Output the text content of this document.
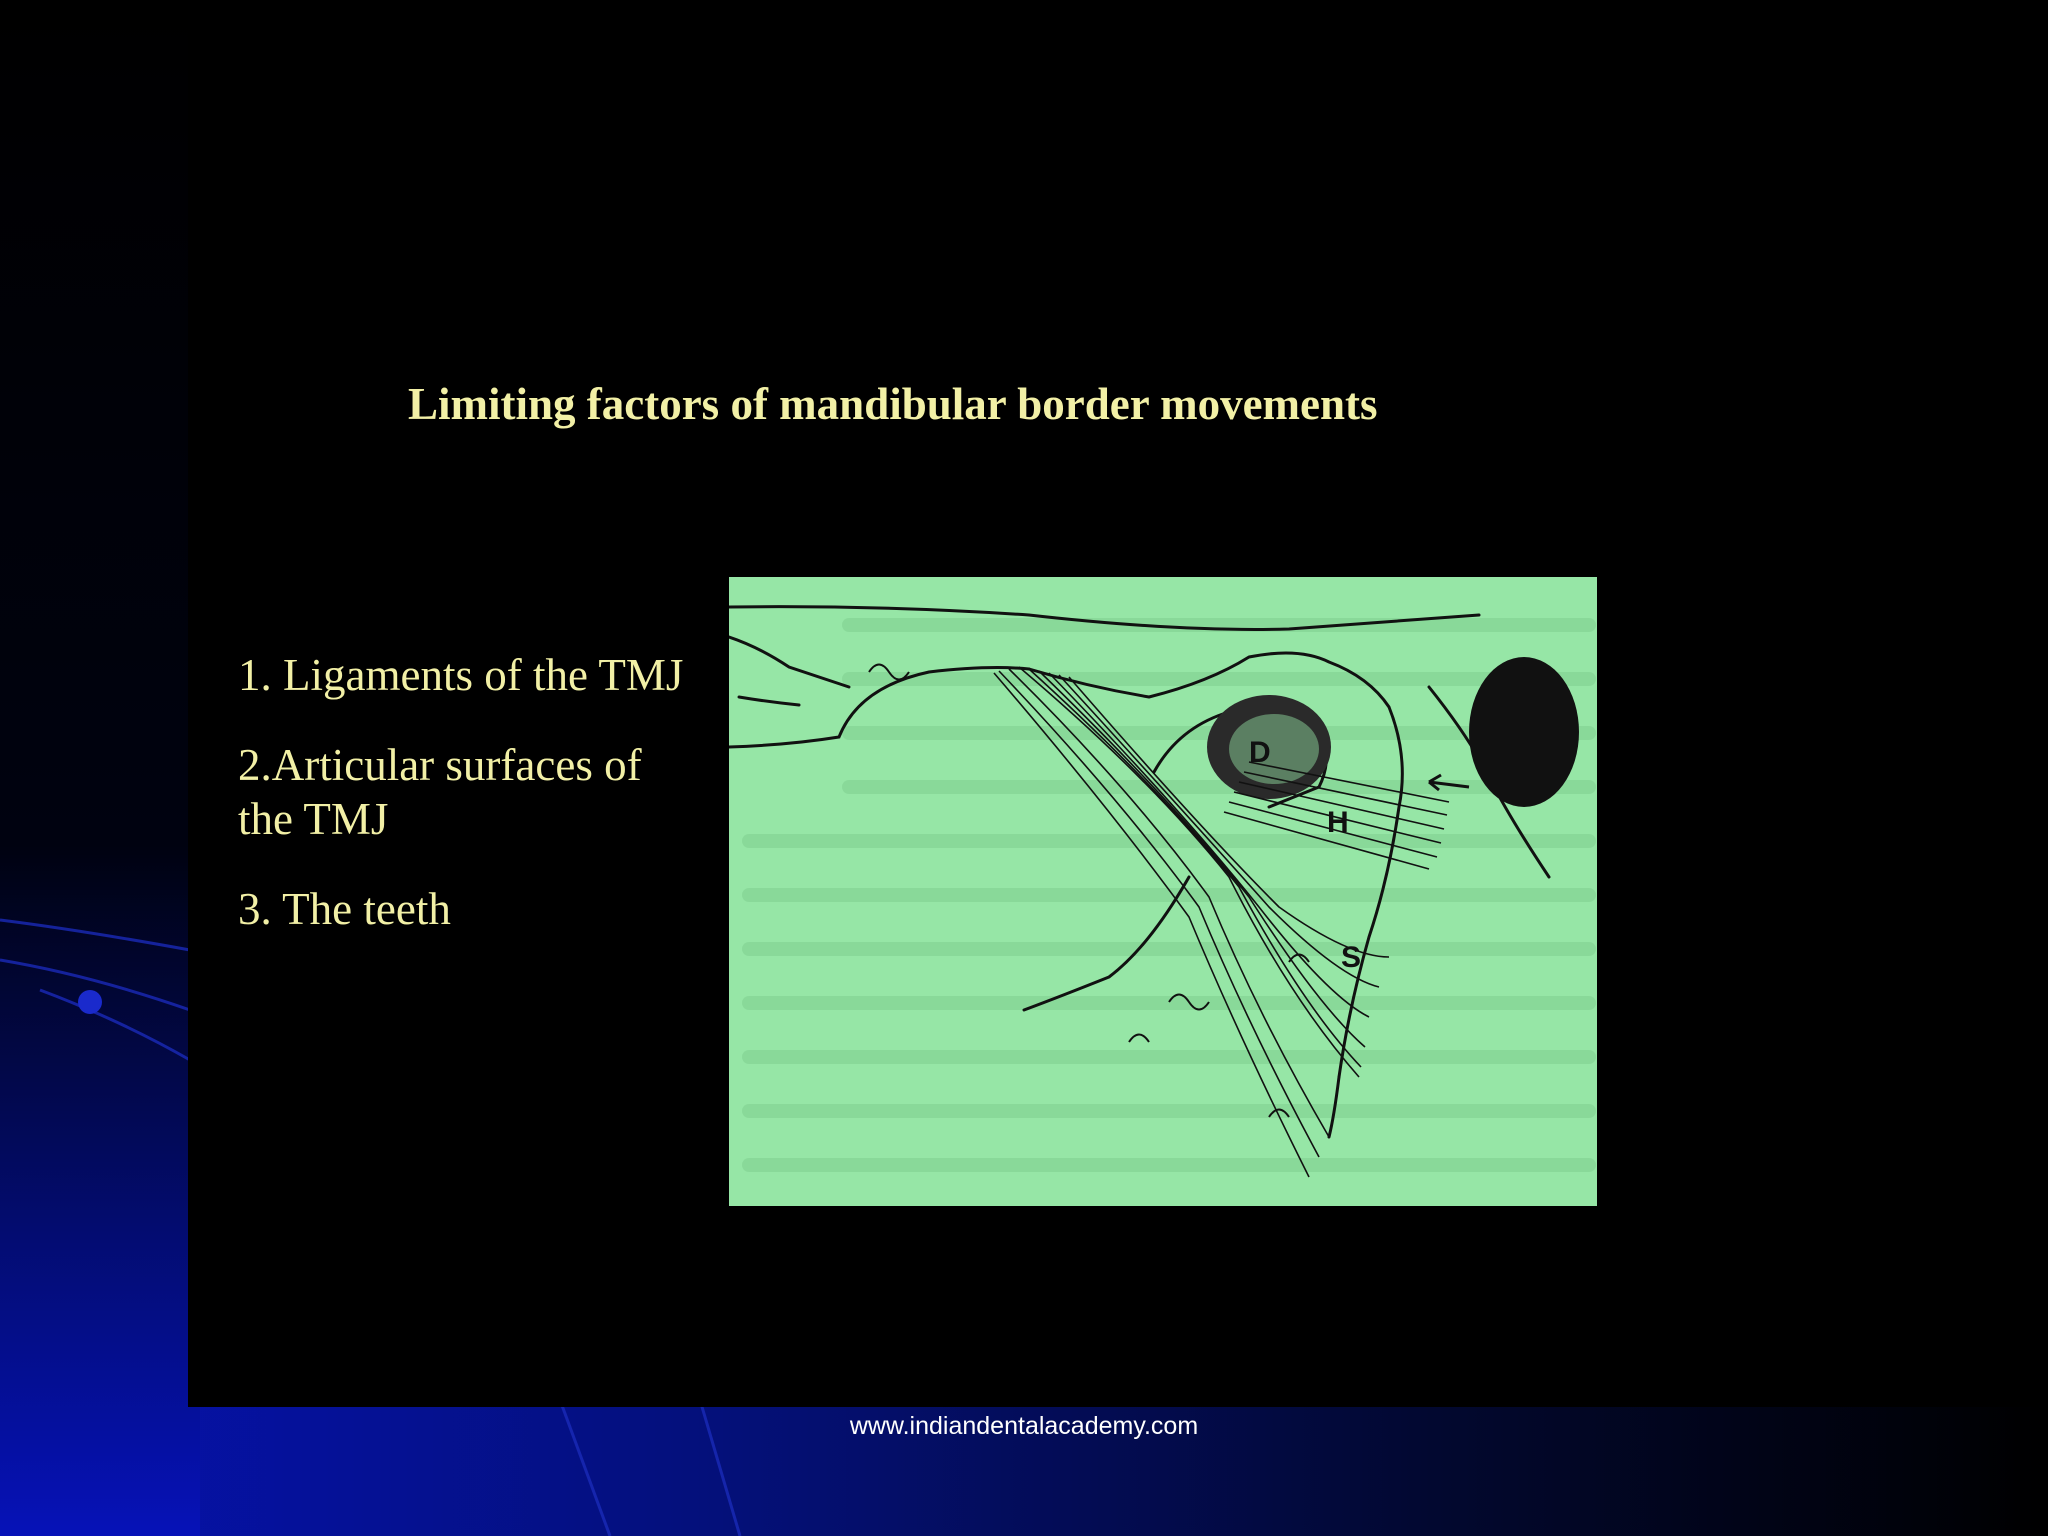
Limiting factors of mandibular border movements
1. Ligaments of the TMJ
2.Articular surfaces of the TMJ
3. The teeth
D
H
S
www.indiandentalacademy.com
